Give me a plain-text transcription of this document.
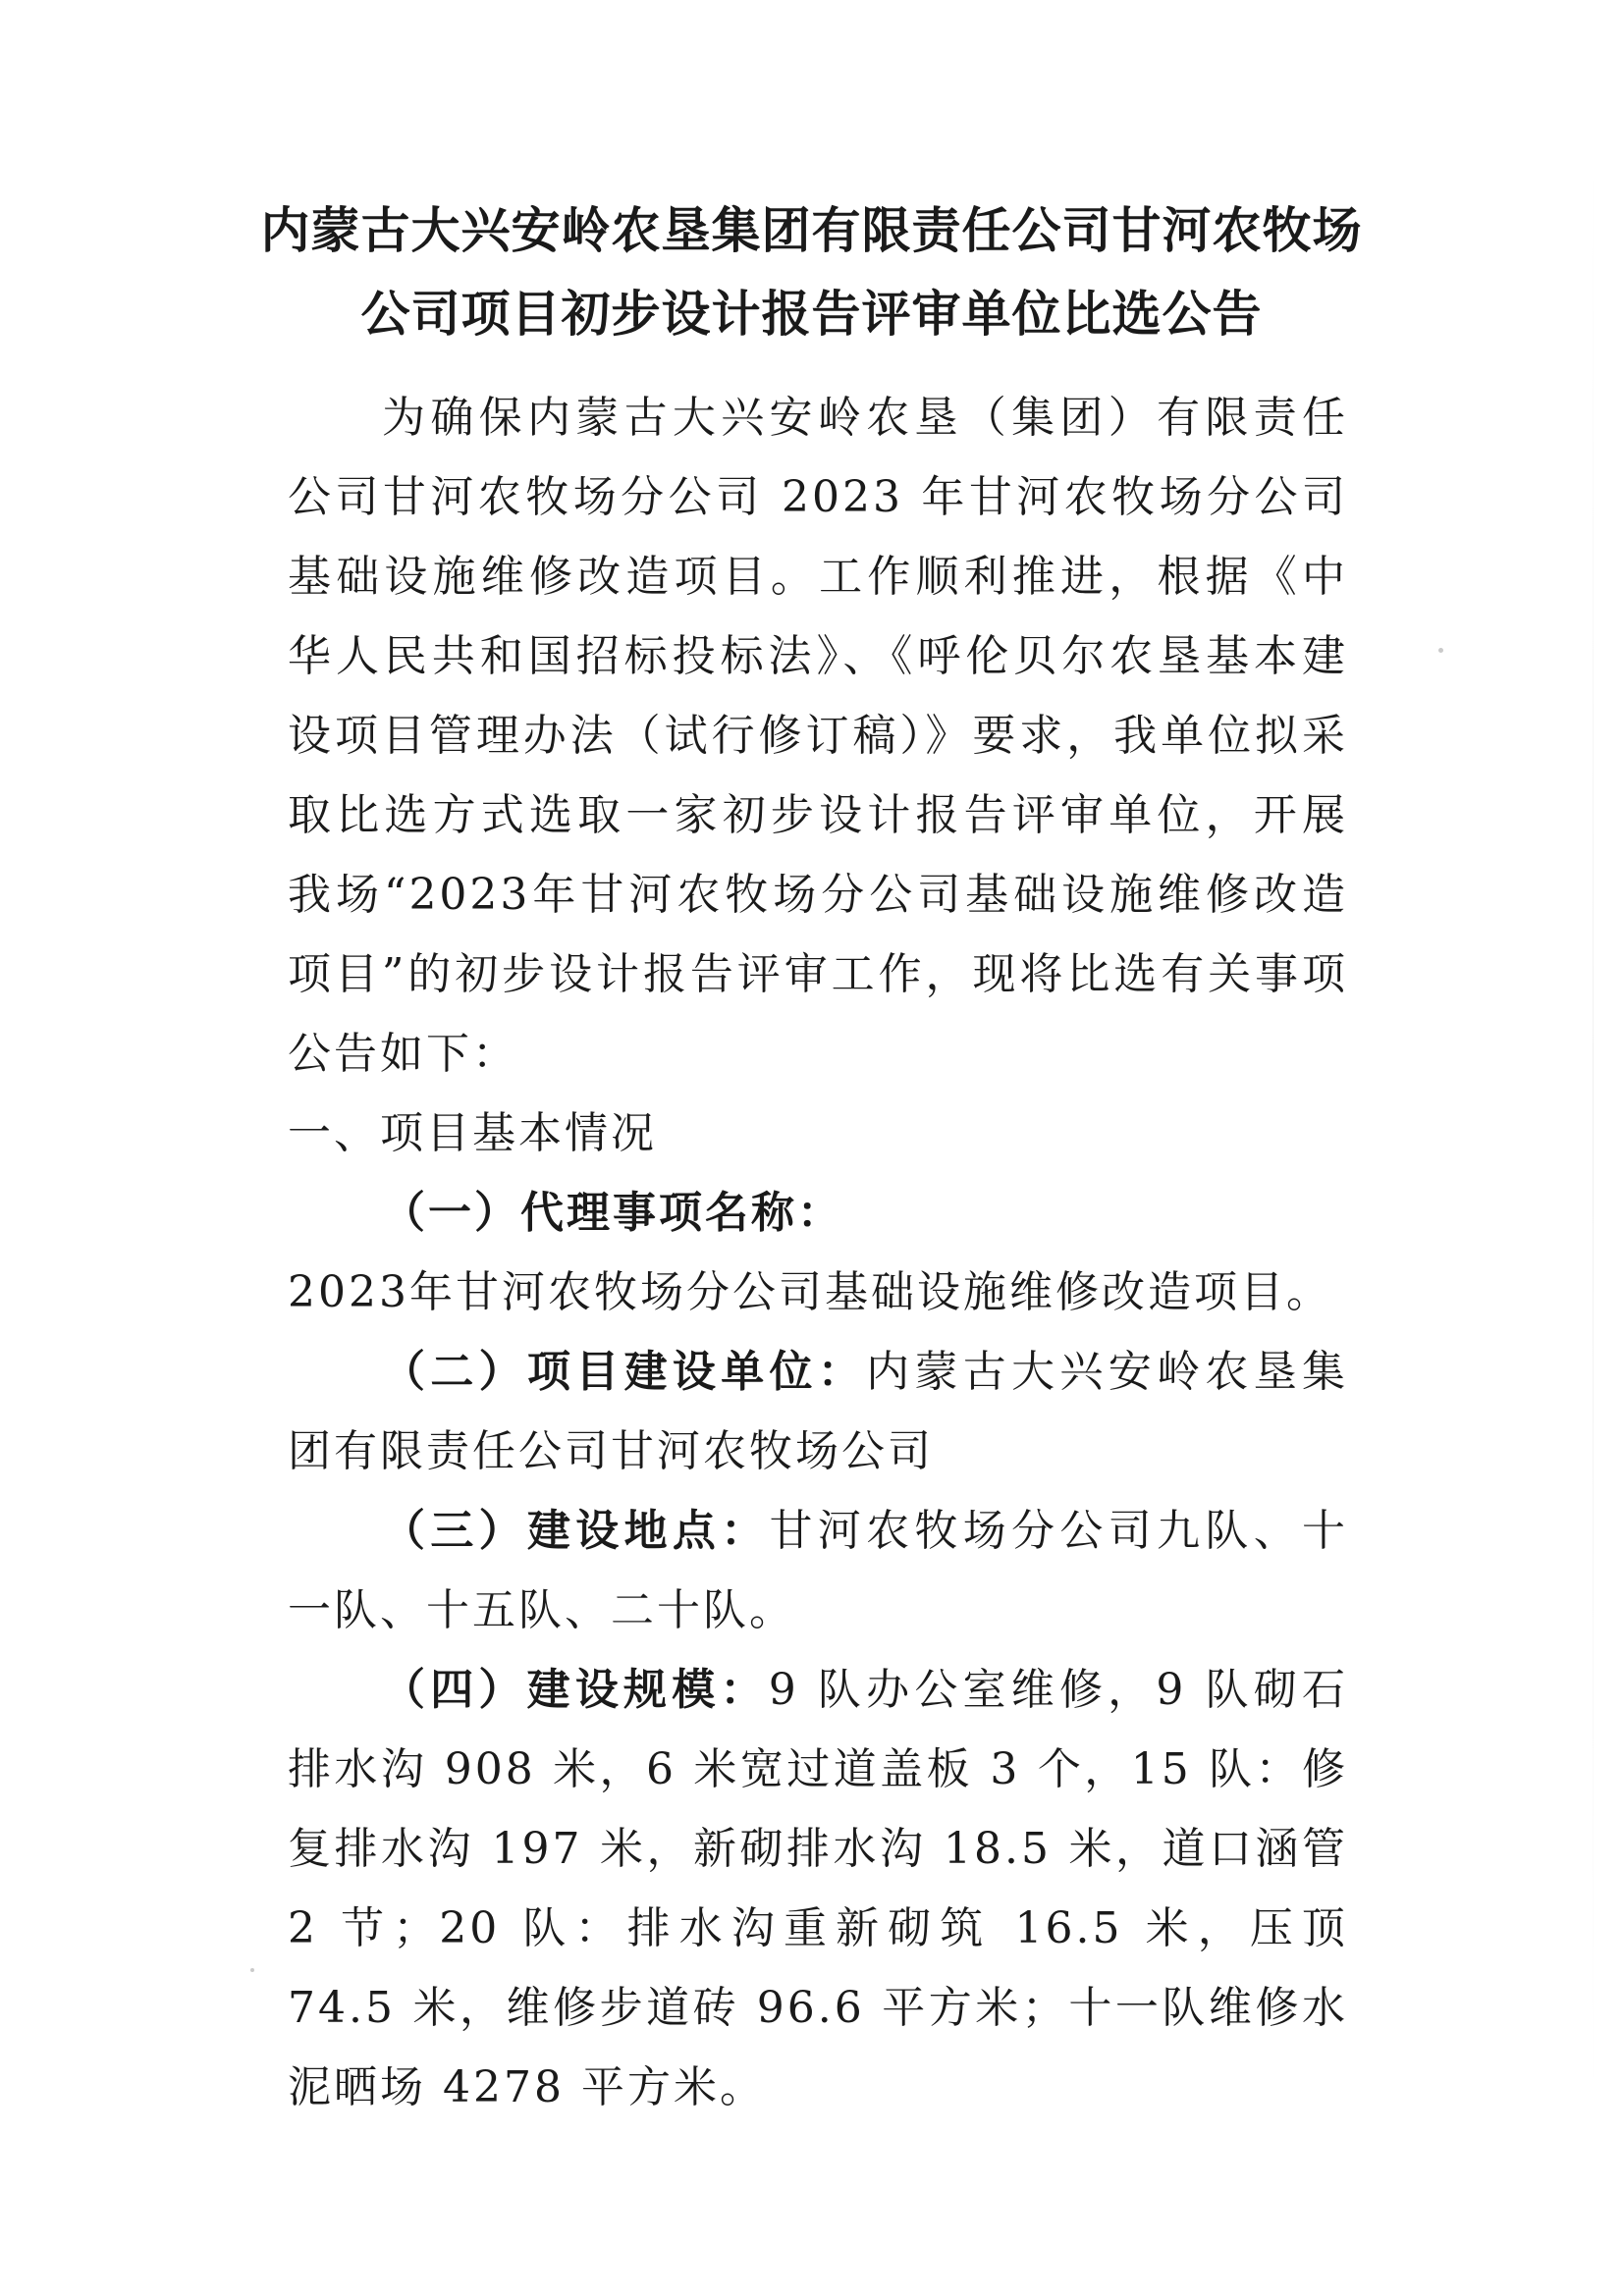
内蒙古大兴安岭农垦集团有限责任公司甘河农牧场
公司项目初步设计报告评审单位比选公告

为确保内蒙古大兴安岭农垦（集团）有限责任公司甘河农牧场分公司 2023 年甘河农牧场分公司基础设施维修改造项目。工作顺利推进，根据《中华人民共和国招标投标法》、《呼伦贝尔农垦基本建设项目管理办法（试行修订稿）》要求，我单位拟采取比选方式选取一家初步设计报告评审单位，开展我场“2023年甘河农牧场分公司基础设施维修改造项目”的初步设计报告评审工作，现将比选有关事项公告如下：

一、项目基本情况

（一）代理事项名称：

2023年甘河农牧场分公司基础设施维修改造项目。

（二）项目建设单位：内蒙古大兴安岭农垦集团有限责任公司甘河农牧场公司

（三）建设地点：甘河农牧场分公司九队、十一队、十五队、二十队。

（四）建设规模：9 队办公室维修，9 队砌石排水沟 908 米，6 米宽过道盖板 3 个，15 队：修复排水沟 197 米，新砌排水沟 18.5 米，道口涵管 2 节；20 队：排水沟重新砌筑 16.5 米，压顶 74.5 米，维修步道砖 96.6 平方米；十一队维修水泥晒场 4278 平方米。
